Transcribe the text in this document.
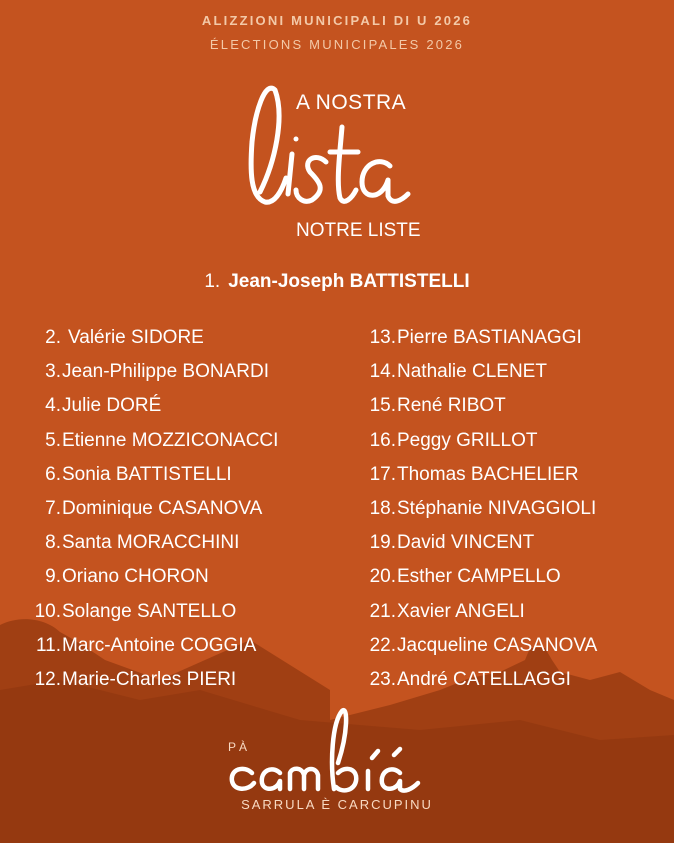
ALIZZIONI MUNICIPALI DI U 2026
ÉLECTIONS MUNICIPALES 2026
A NOSTRA
NOTRE LISTE
1. Jean-Joseph BATTISTELLI
2. Valérie SIDORE
3. Jean-Philippe BONARDI
4. Julie DORÉ
5. Etienne MOZZICONACCI
6. Sonia BATTISTELLI
7. Dominique CASANOVA
8. Santa MORACCHINI
9. Oriano CHORON
10. Solange SANTELLO
11. Marc-Antoine COGGIA
12. Marie-Charles PIERI
13. Pierre BASTIANAGGI
14. Nathalie CLENET
15. René RIBOT
16. Peggy GRILLOT
17. Thomas BACHELIER
18. Stéphanie NIVAGGIOLI
19. David VINCENT
20. Esther CAMPELLO
21. Xavier ANGELI
22. Jacqueline CASANOVA
23. André CATELLAGGI
PÀ
SARRULA È CARCUPINU
